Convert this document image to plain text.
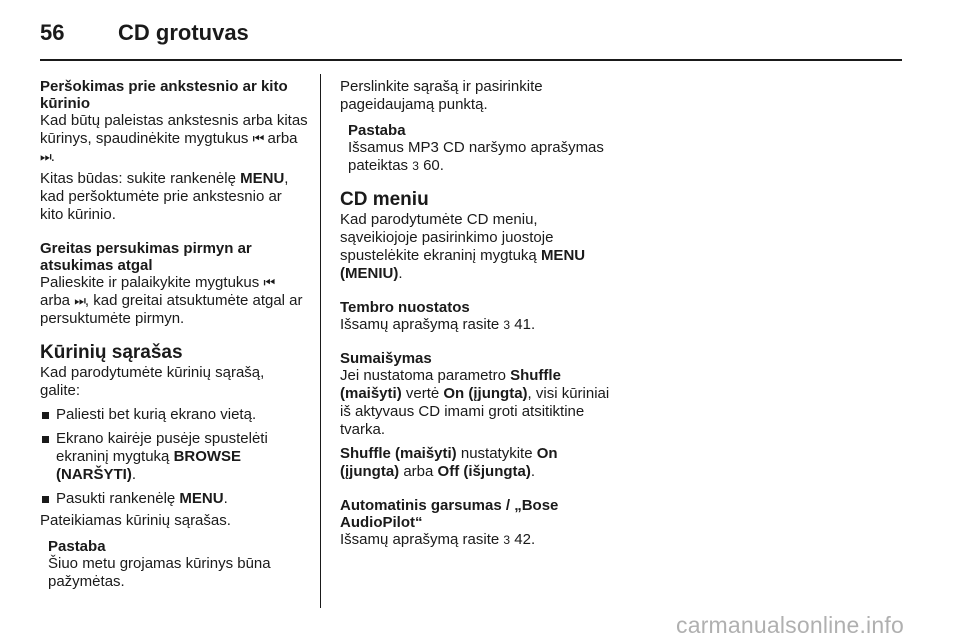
56 CD grotuvas
Peršokimas prie ankstesnio ar kito kūrinio

Kad būtų paleistas ankstesnis arba kitas kūrinys, spaudinėkite mygtukus ⏮ arba ⏭.

Kitas būdas: sukite rankenėlę MENU, kad peršoktumėte prie ankstesnio ar kito kūrinio.

Greitas persukimas pirmyn ar atsukimas atgal

Palieskite ir palaikykite mygtukus ⏮ arba ⏭, kad greitai atsuktumėte atgal ar persuktumėte pirmyn.

Kūrinių sąrašas

Kad parodytumėte kūrinių sąrašą, galite:

Paliesti bet kurią ekrano vietą.
Ekrano kairėje pusėje spustelėti ekraninį mygtuką BROWSE (NARŠYTI).
Pasukti rankenėlę MENU.

Pateikiamas kūrinių sąrašas.

Pastaba

Šiuo metu grojamas kūrinys būna pažymėtas.

Perslinkite sąrašą ir pasirinkite pageidaujamą punktą.

Pastaba

Išsamus MP3 CD naršymo aprašymas pateiktas 3 60.

CD meniu

Kad parodytumėte CD meniu, sąveikiojoje pasirinkimo juostoje spustelėkite ekraninį mygtuką MENU (MENIU).

Tembro nuostatos

Išsamų aprašymą rasite 3 41.

Sumaišymas

Jei nustatoma parametro Shuffle (maišyti) vertė On (įjungta), visi kūriniai iš aktyvaus CD imami groti atsitiktine tvarka.

Shuffle (maišyti) nustatykite On (įjungta) arba Off (išjungta).

Automatinis garsumas / „Bose AudioPilot“

Išsamų aprašymą rasite 3 42.

carmanualsonline.info
